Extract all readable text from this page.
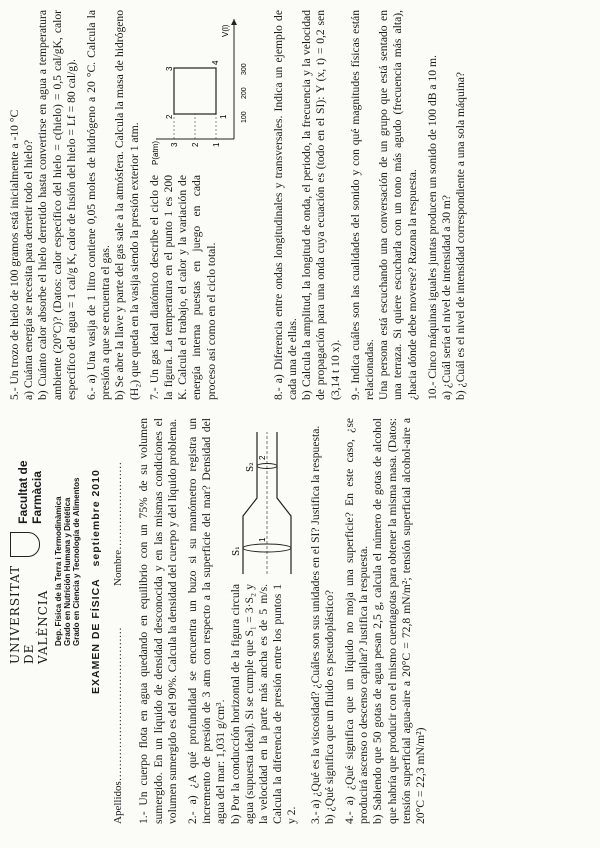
UNIVERSITAT DE VALÈNCIA
Facultat de Farmàcia Dep. Física de la Terra i Termodinàmica Grado en Nutrición Humana y Dietética Grado en Ciencia y Tecnología de Alimentos EXAMEN DE FÍSICA   septiembre 2010
Apellidos……………………………………               Nombre…………………… 1.- Un cuerpo flota en agua quedando en equilibrio con un 75% de su volumen sumergido. En un líquido de densidad desconocida y en las mismas condiciones el volumen sumergido es del 90%. Calcula la densidad del cuerpo y del líquido problema. 2.- a) ¿A qué profundidad se encuentra un buzo si su manómetro registra un incremento de presión de 3 atm con respecto a la superficie del mar? Densidad del agua del mar: 1,031 g/cm³. b) Por la conducción horizontal de la figura circula agua (supuesta ideal). Si se cumple que S₁ = 3·S₂ y la velocidad en la parte más ancha es de 5 m/s. Calcula la diferencia de presión entre los puntos 1 y 2.

S₁
S₂
1
2	3.- a) ¿Qué es la viscosidad? ¿Cuáles son sus unidades en el SI? Justifica la respuesta. b) ¿Qué significa que un fluido es pseudoplástico? 4.- a) ¿Qué significa que un líquido no moja una superficie? En este caso, ¿se producirá ascenso o descenso capilar? Justifica la respuesta. b) Sabiendo que 50 gotas de agua pesan 2,5 g, calcula el número de gotas de alcohol que habría que producir con el mismo cuentagotas para obtener la misma masa. (Datos: tensión superficial agua-aire a 20°C = 72,8 mN/m²; tensión superficial alcohol-aire a 20°C = 22,3 mN/m²)

5.- Un trozo de hielo de 100 gramos está inicialmente a -10 °C a) Cuánta energía se necesita para derretir todo el hielo? b) Cuánto calor absorbe el hielo derretido hasta convertirse en agua a temperatura ambiente (20°C)? (Datos: calor específico del hielo = c(hielo) = 0,5 cal/gK, calor específico del agua = 1 cal/g K, calor de fusión del hielo = Lf = 80 cal/g). 6.- a) Una vasija de 1 litro contiene 0,05 moles de hidrógeno a 20 °C. Calcula la presión a que se encuentra el gas. b) Se abre la llave y parte del gas sale a la atmósfera. Calcula la masa de hidrógeno (H₂) que queda en la vasija siendo la presión exterior 1 atm. 7.- Un gas ideal diatómico describe el ciclo de la figura. La temperatura en el punto 1 es 200 K. Calcula el trabajo, el calor y la variación de energía interna puestas en juego en cada proceso así como en el ciclo total.

P(atm) 3 2 1
100
200
300
V(l)
1
2
3
4	8.- a) Diferencia entre ondas longitudinales y transversales. Indica un ejemplo de cada una de ellas. b) Calcula la amplitud, la longitud de onda, el periodo, la frecuencia y la velocidad de propagación para una onda cuya ecuación es (todo en el SI): Y (x, t) = 0,2 sen (3,14 t 10 x). 9.- Indica cuáles son las cualidades del sonido y con qué magnitudes físicas están relacionadas. Una persona está escuchando una conversación de un grupo que está sentado en una terraza. Si quiere escucharla con un tono más agudo (frecuencia más alta), ¿hacia dónde debe moverse? Razona la respuesta. 10.- Cinco máquinas iguales juntas producen un sonido de 100 dB a 10 m. a) ¿Cuál sería el nivel de intensidad a 30 m? b) ¿Cuál es el nivel de intensidad correspondiente a una sola máquina?
